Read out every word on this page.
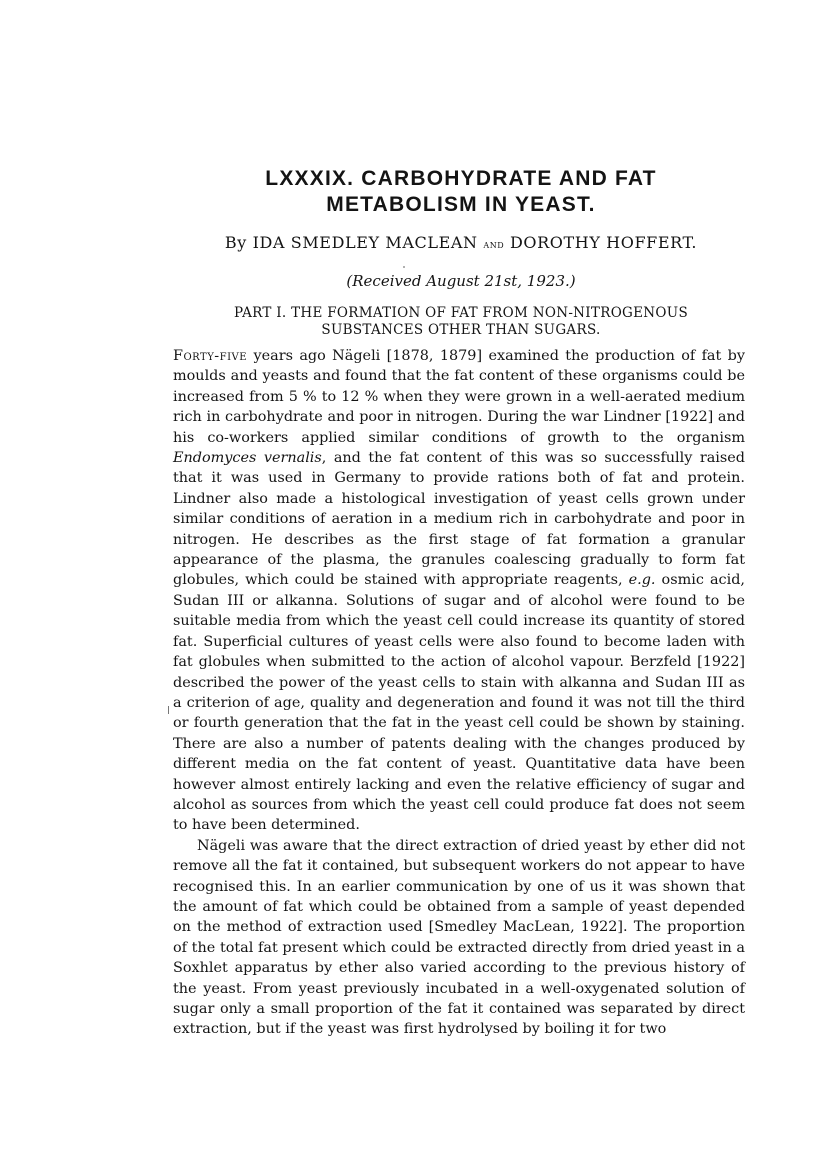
LXXXIX. CARBOHYDRATE AND FAT
METABOLISM IN YEAST.
By IDA SMEDLEY MACLEAN and DOROTHY HOFFERT.
(Received August 21st, 1923.)
PART I. THE FORMATION OF FAT FROM NON-NITROGENOUS
SUBSTANCES OTHER THAN SUGARS.

Forty-five years ago Nägeli [1878, 1879] examined the production of fat by moulds and yeasts and found that the fat content of these organisms could be increased from 5 % to 12 % when they were grown in a well-aerated medium rich in carbohydrate and poor in nitrogen. During the war Lindner [1922] and his co-workers applied similar conditions of growth to the organism Endomyces vernalis, and the fat content of this was so successfully raised that it was used in Germany to provide rations both of fat and protein. Lindner also made a histological investigation of yeast cells grown under similar conditions of aeration in a medium rich in carbohydrate and poor in nitrogen. He describes as the first stage of fat formation a granular appearance of the plasma, the granules coalescing gradually to form fat globules, which could be stained with appropriate reagents, e.g. osmic acid, Sudan III or alkanna. Solutions of sugar and of alcohol were found to be suitable media from which the yeast cell could increase its quantity of stored fat. Superficial cultures of yeast cells were also found to become laden with fat globules when submitted to the action of alcohol vapour. Berzfeld [1922] described the power of the yeast cells to stain with alkanna and Sudan III as a criterion of age, quality and degeneration and found it was not till the third or fourth generation that the fat in the yeast cell could be shown by staining. There are also a number of patents dealing with the changes produced by different media on the fat content of yeast. Quantitative data have been however almost entirely lacking and even the relative efficiency of sugar and alcohol as sources from which the yeast cell could produce fat does not seem to have been determined.

Nägeli was aware that the direct extraction of dried yeast by ether did not remove all the fat it contained, but subsequent workers do not appear to have recognised this. In an earlier communication by one of us it was shown that the amount of fat which could be obtained from a sample of yeast depended on the method of extraction used [Smedley MacLean, 1922]. The proportion of the total fat present which could be extracted directly from dried yeast in a Soxhlet apparatus by ether also varied according to the previous history of the yeast. From yeast previously incubated in a well-oxygenated solution of sugar only a small proportion of the fat it contained was separated by direct extraction, but if the yeast was first hydrolysed by boiling it for two
